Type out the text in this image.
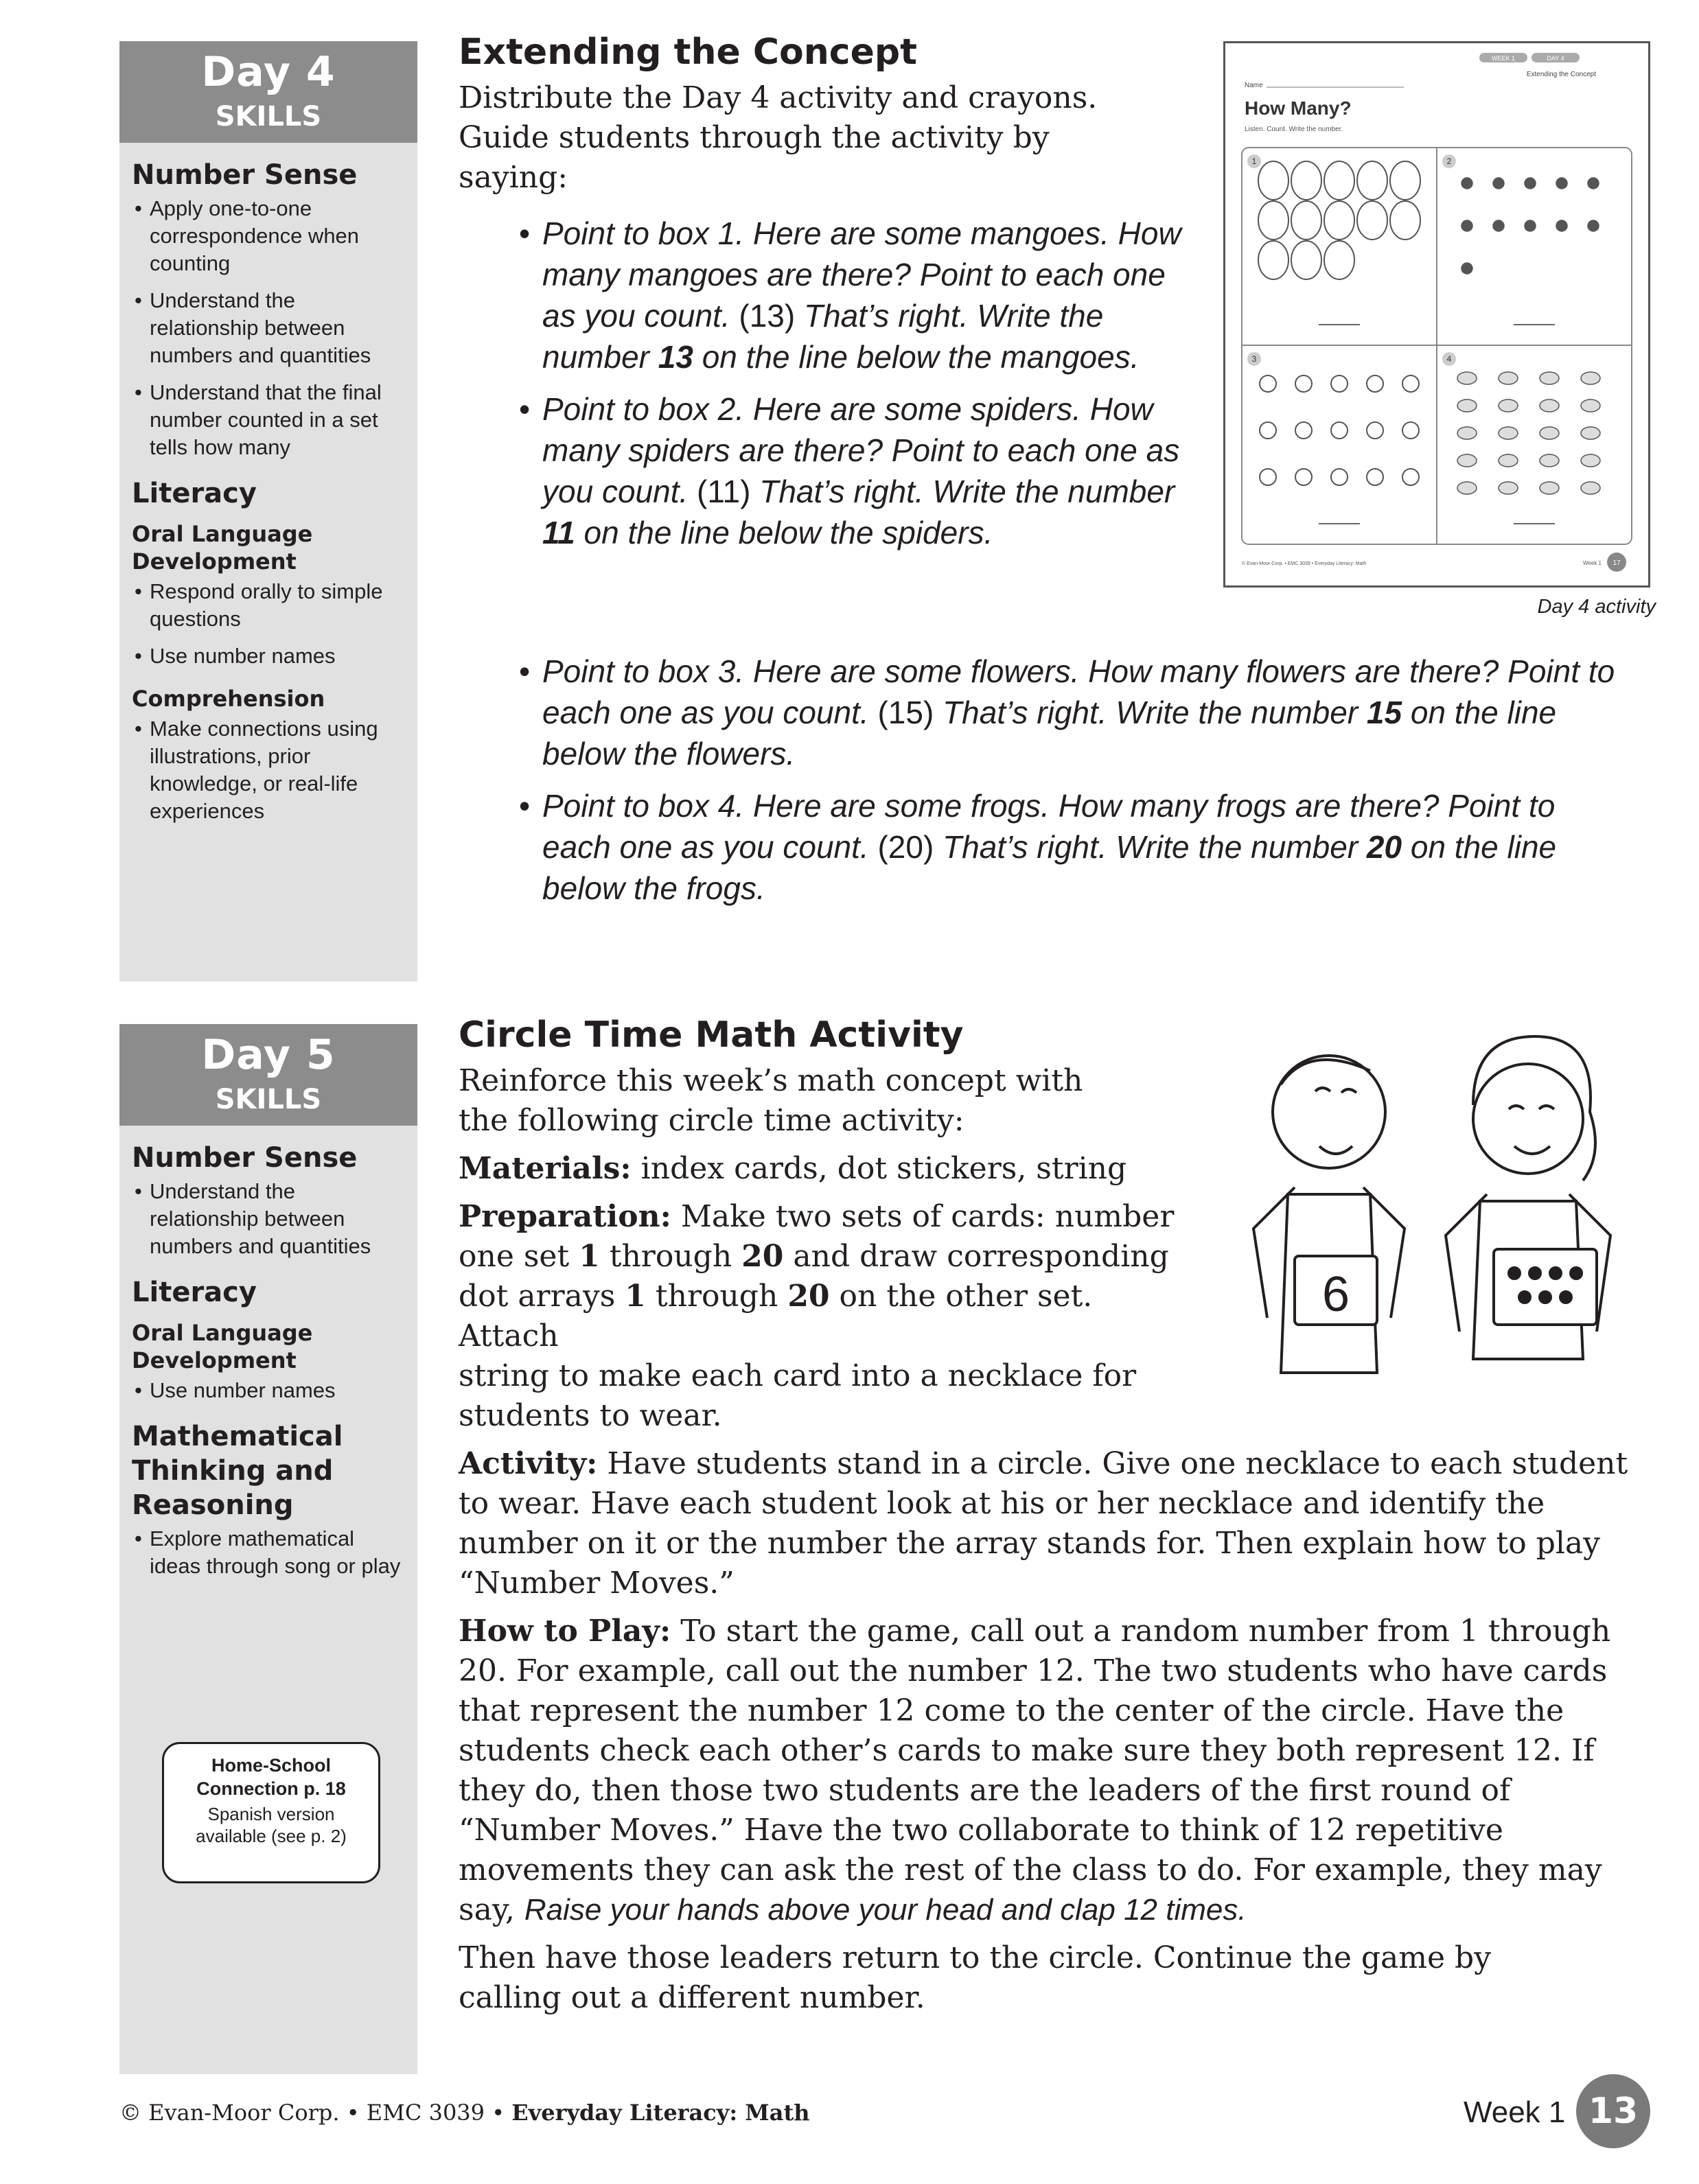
Day 4
SKILLS

Number Sense

• Apply one-to-one correspondence when counting
• Understand the relationship between numbers and quantities
• Understand that the final number counted in a set tells how many

Literacy

Oral Language Development

• Respond orally to simple questions
• Use number names

Comprehension

• Make connections using illustrations, prior knowledge, or real-life experiences
Day 5
SKILLS

Number Sense

• Understand the relationship between numbers and quantities

Literacy

Oral Language Development

• Use number names

Mathematical Thinking and Reasoning

• Explore mathematical ideas through song or play
Home-School
Connection p. 18
Spanish version
available (see p. 2)

Extending the Concept

Distribute the Day 4 activity and crayons. Guide students through the activity by saying:

• Point to box 1. Here are some mangoes. How many mangoes are there? Point to each one as you count. (13) That’s right. Write the number 13 on the line below the mangoes.
• Point to box 2. Here are some spiders. How many spiders are there? Point to each one as you count. (11) That’s right. Write the number 11 on the line below the spiders.
• Point to box 3. Here are some flowers. How many flowers are there? Point to each one as you count. (15) That’s right. Write the number 15 on the line below the flowers.
• Point to box 4. Here are some frogs. How many frogs are there? Point to each one as you count. (20) That’s right. Write the number 20 on the line below the frogs.
WEEK 1	DAY 4
Extending the Concept
Name
How Many?
Listen. Count. Write the number.
1	2
3	4
© Evan-Moor Corp. • EMC 3039 • Everyday Literacy: Math	Week 1 17
Day 4 activity

Circle Time Math Activity

Reinforce this week’s math concept with the following circle time activity:

Materials: index cards, dot stickers, string

Preparation: Make two sets of cards: number
one set 1 through 20 and draw corresponding
dot arrays 1 through 20 on the other set. Attach
string to make each card into a necklace for
students to wear.

Activity: Have students stand in a circle. Give one necklace to each student to wear. Have each student look at his or her necklace and identify the number on it or the number the array stands for. Then explain how to play “Number Moves.”

How to Play: To start the game, call out a random number from 1 through 20. For example, call out the number 12. The two students who have cards that represent the number 12 come to the center of the circle. Have the students check each other’s cards to make sure they both represent 12. If they do, then those two students are the leaders of the first round of “Number Moves.” Have the two collaborate to think of 12 repetitive movements they can ask the rest of the class to do. For example, they may say, Raise your hands above your head and clap 12 times.

Then have those leaders return to the circle. Continue the game by calling out a different number.

6
© Evan-Moor Corp. • EMC 3039 • Everyday Literacy: Math	Week 1 13
